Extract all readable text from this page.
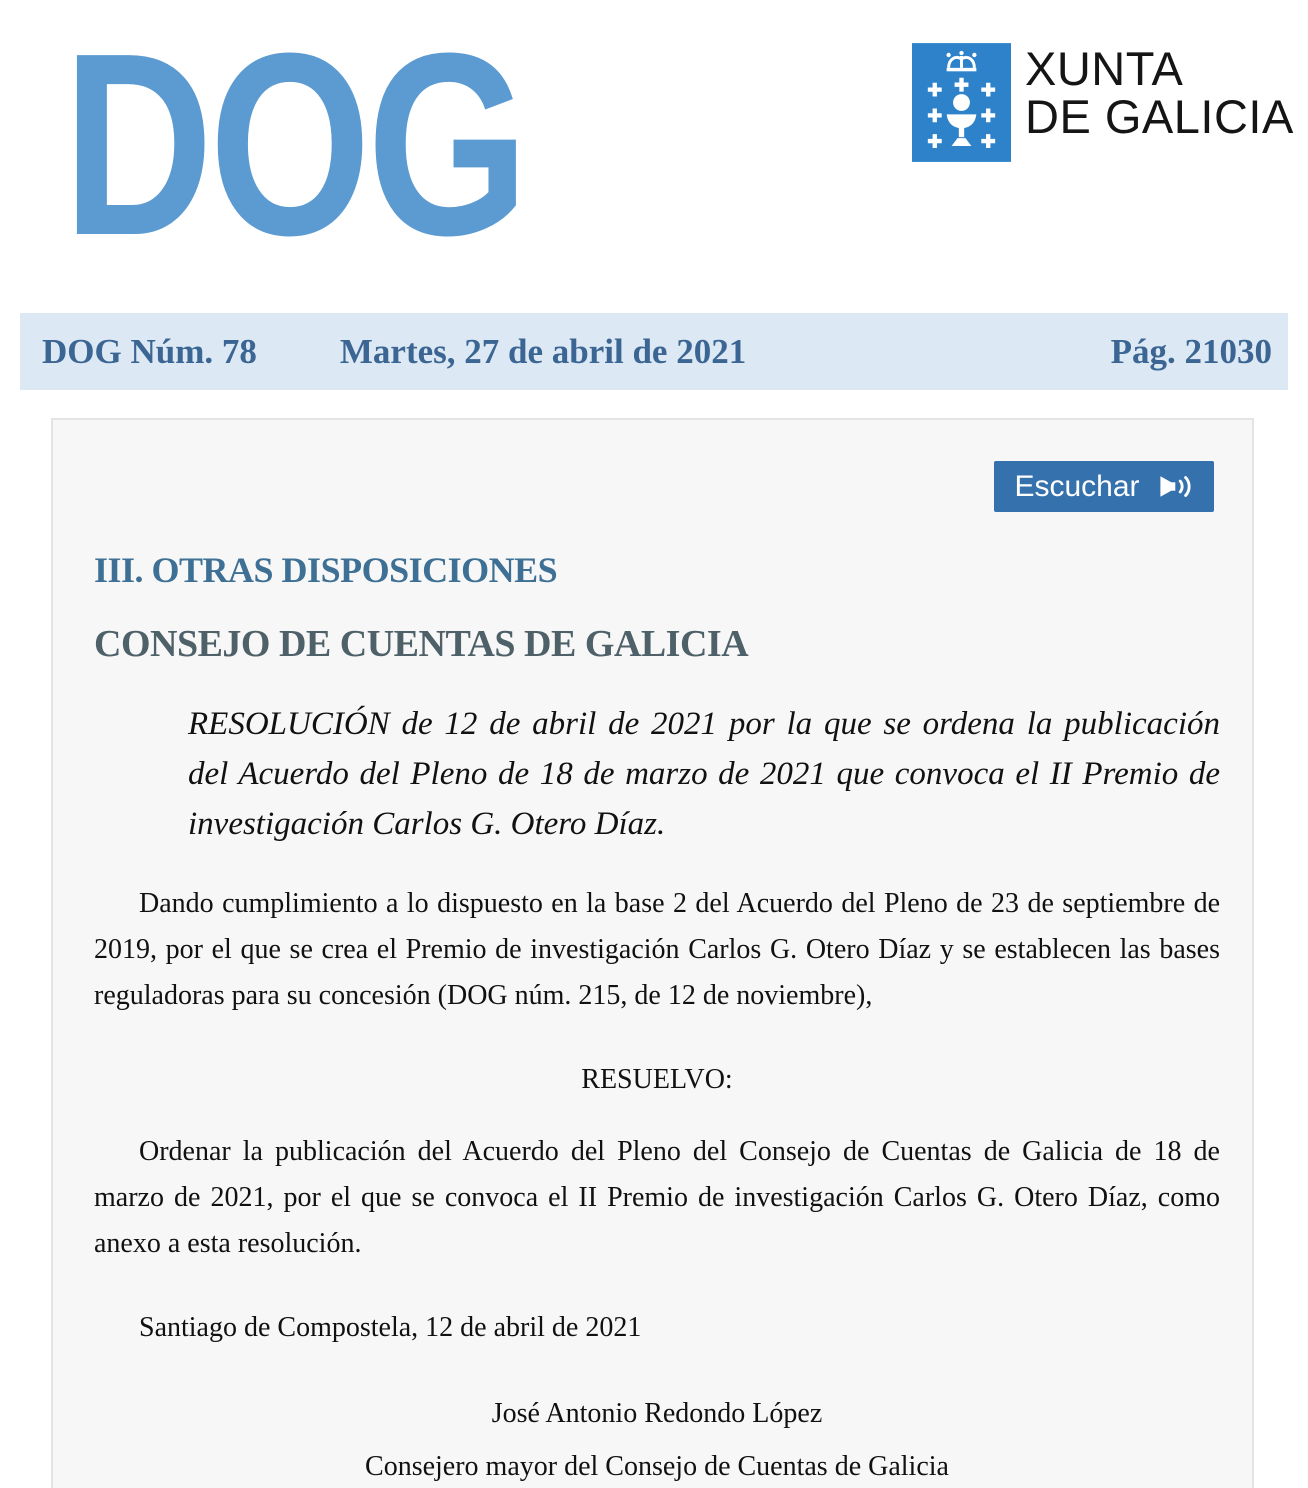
DOG	XUNTA
DE GALICIA
DOG Núm. 78 Martes, 27 de abril de 2021	Pág. 21030
Escuchar
III. OTRAS DISPOSICIONES
CONSEJO DE CUENTAS DE GALICIA

RESOLUCIÓN de 12 de abril de 2021 por la que se ordena la publicación del Acuerdo del Pleno de 18 de marzo de 2021 que convoca el II Premio de investigación Carlos G. Otero Díaz.

Dando cumplimiento a lo dispuesto en la base 2 del Acuerdo del Pleno de 23 de septiembre de 2019, por el que se crea el Premio de investigación Carlos G. Otero Díaz y se establecen las bases reguladoras para su concesión (DOG núm. 215, de 12 de noviembre),

RESUELVO:

Ordenar la publicación del Acuerdo del Pleno del Consejo de Cuentas de Galicia de 18 de marzo de 2021, por el que se convoca el II Premio de investigación Carlos G. Otero Díaz, como anexo a esta resolución.

Santiago de Compostela, 12 de abril de 2021

José Antonio Redondo López

Consejero mayor del Consejo de Cuentas de Galicia
